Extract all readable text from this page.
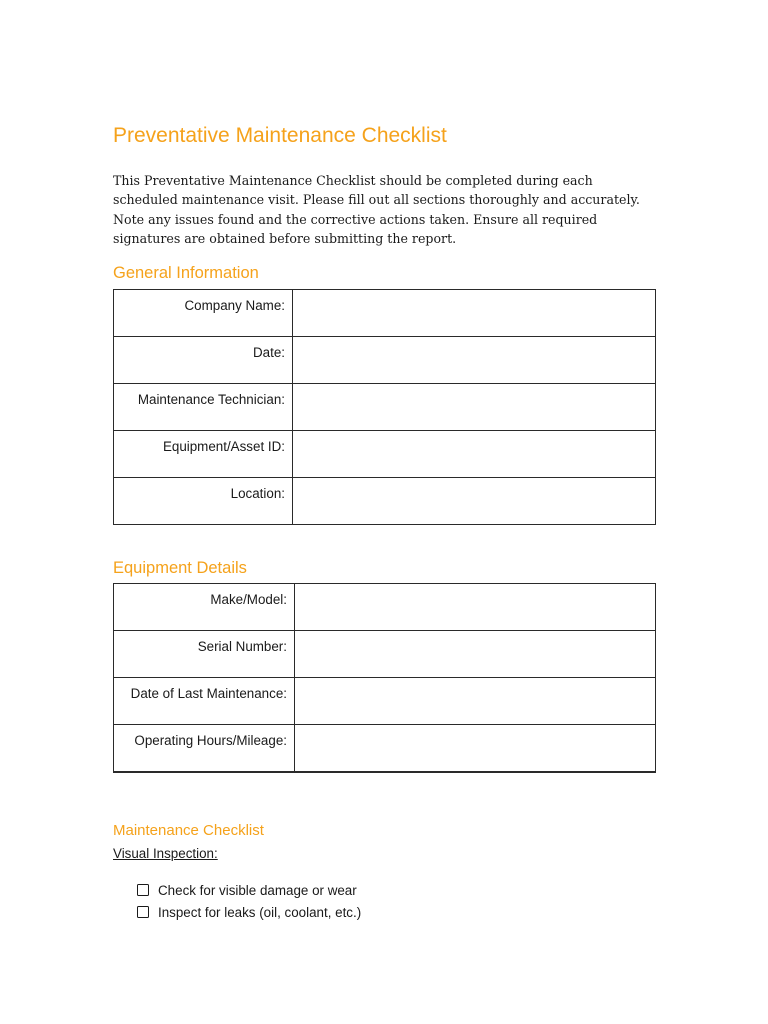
Preventative Maintenance Checklist

This Preventative Maintenance Checklist should be completed during each scheduled maintenance visit. Please fill out all sections thoroughly and accurately. Note any issues found and the corrective actions taken. Ensure all required signatures are obtained before submitting the report.

General Information
Company Name:	

Date:	

Maintenance Technician:	

Equipment/Asset ID:	

Location:	
Equipment Details
Make/Model:	

Serial Number:	

Date of Last Maintenance:	

Operating Hours/Mileage:	
Maintenance Checklist
Visual Inspection:
Check for visible damage or wear
Inspect for leaks (oil, coolant, etc.)
